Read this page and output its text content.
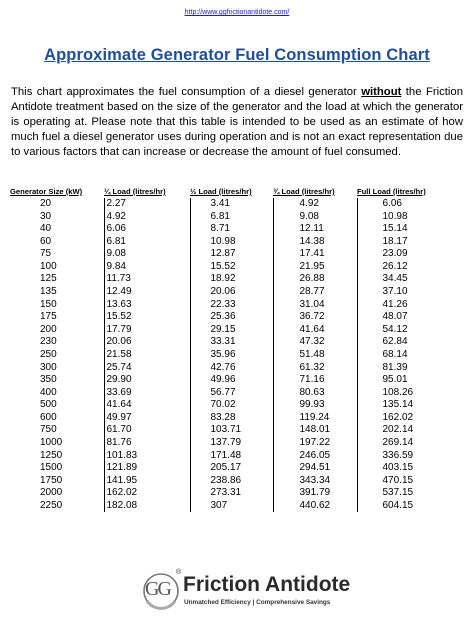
http://www.ggfrictionantidote.com/
Approximate Generator Fuel Consumption Chart
This chart approximates the fuel consumption of a diesel generator without the Friction Antidote treatment based on the size of the generator and the load at which the generator is operating at. Please note that this table is intended to be used as an estimate of how much fuel a diesel generator uses during operation and is not an exact representation due to various factors that can increase or decrease the amount of fuel consumed.
Generator Size (kW)	¼ Load (litres/hr)	½ Load (litres/hr)	¾ Load (litres/hr)	Full Load (litres/hr)
20	2.27	3.41	4.92	6.06
30	4.92	6.81	9.08	10.98
40	6.06	8.71	12.11	15.14
60	6.81	10.98	14.38	18.17
75	9.08	12.87	17.41	23.09
100	9.84	15.52	21.95	26.12
125	11.73	18.92	26.88	34.45
135	12.49	20.06	28.77	37.10
150	13.63	22.33	31.04	41.26
175	15.52	25.36	36.72	48.07
200	17.79	29.15	41.64	54.12
230	20.06	33.31	47.32	62.84
250	21.58	35.96	51.48	68.14
300	25.74	42.76	61.32	81.39
350	29.90	49.96	71.16	95.01
400	33.69	56.77	80.63	108.26
500	41.64	70.02	99.93	135.14
600	49.97	83.28	119.24	162.02
750	61.70	103.71	148.01	202.14
1000	81.76	137.79	197.22	269.14
1250	101.83	171.48	246.05	336.59
1500	121.89	205.17	294.51	403.15
1750	141.95	238.86	343.34	470.15
2000	162.02	273.31	391.79	537.15
2250	182.08	307	440.62	604.15
GG
®
Friction Antidote
Unmatched Efficiency | Comprehensive Savings
